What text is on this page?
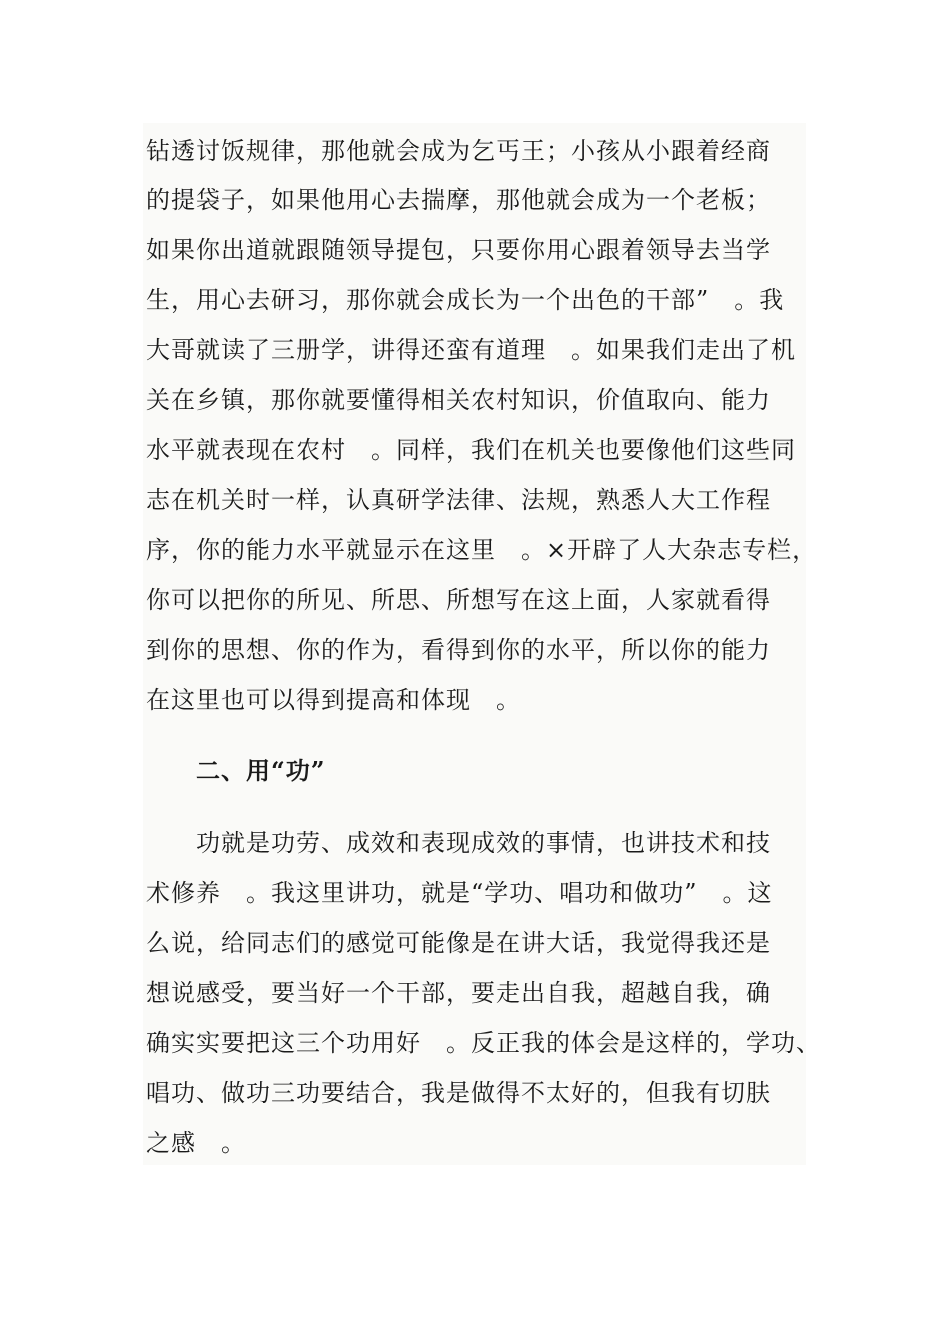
钻透讨饭规律，那他就会成为乞丐王；小孩从小跟着经商
的提袋子，如果他用心去揣摩，那他就会成为一个老板；
如果你出道就跟随领导提包，只要你用心跟着领导去当学
生，用心去研习，那你就会成长为一个出色的干部”　。我
大哥就读了三册学，讲得还蛮有道理　。如果我们走出了机
关在乡镇，那你就要懂得相关农村知识，价值取向、能力
水平就表现在农村　。同样，我们在机关也要像他们这些同
志在机关时一样，认真研学法律、法规，熟悉人大工作程
序，你的能力水平就显示在这里　。×开辟了人大杂志专栏，
你可以把你的所见、所思、所想写在这上面，人家就看得
到你的思想、你的作为，看得到你的水平，所以你的能力
在这里也可以得到提高和体现　。
二、用“功”
功就是功劳、成效和表现成效的事情，也讲技术和技
术修养　。我这里讲功，就是“学功、唱功和做功”　。这
么说，给同志们的感觉可能像是在讲大话，我觉得我还是
想说感受，要当好一个干部，要走出自我，超越自我，确
确实实要把这三个功用好　。反正我的体会是这样的，学功、
唱功、做功三功要结合，我是做得不太好的，但我有切肤
之感　。
